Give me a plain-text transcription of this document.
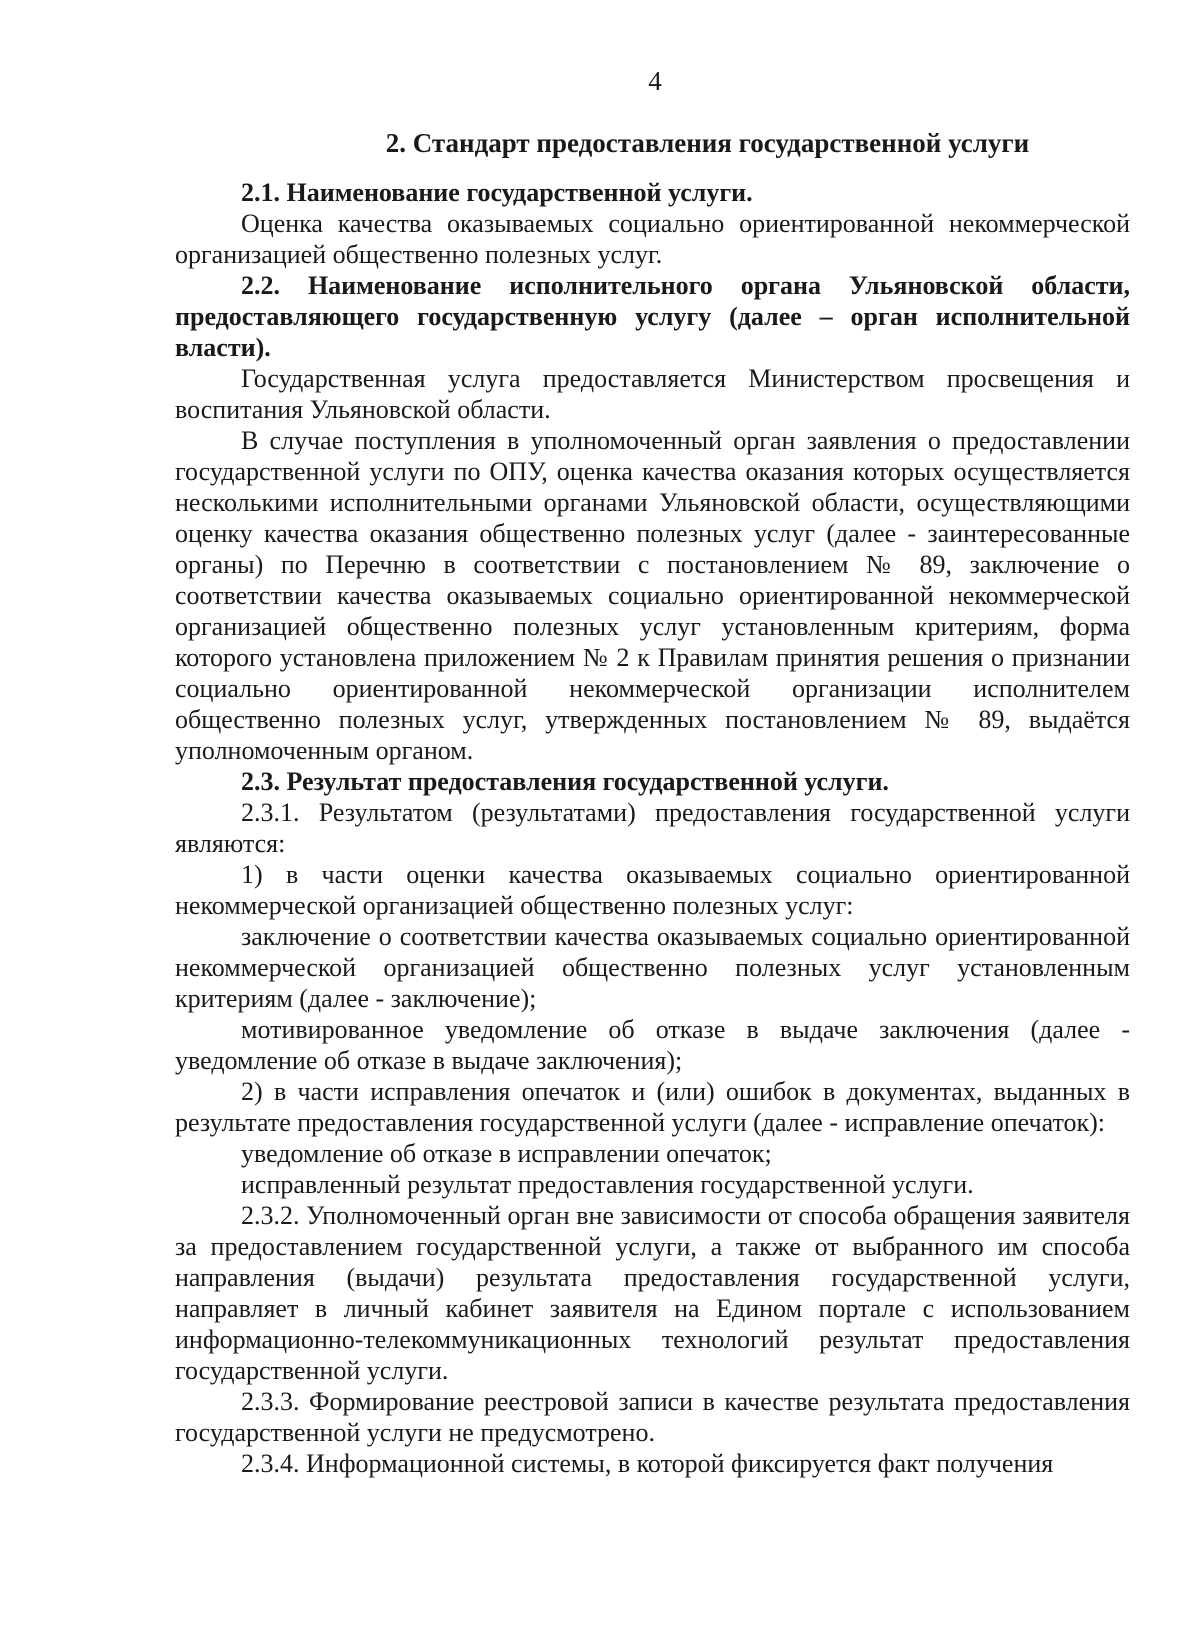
4
2. Стандарт предоставления государственной услуги

2.1. Наименование государственной услуги.

Оценка качества оказываемых социально ориентированной некоммерческой организацией общественно полезных услуг.

2.2. Наименование исполнительного органа Ульяновской области, предоставляющего государственную услугу (далее – орган исполнительной власти).

Государственная услуга предоставляется Министерством просвещения и воспитания Ульяновской области.

В случае поступления в уполномоченный орган заявления о предоставлении государственной услуги по ОПУ, оценка качества оказания которых осуществляется несколькими исполнительными органами Ульяновской области, осуществляющими оценку качества оказания общественно полезных услуг (далее - заинтересованные органы) по Перечню в соответствии с постановлением № 89, заключение о соответствии качества оказываемых социально ориентированной некоммерческой организацией общественно полезных услуг установленным критериям, форма которого установлена приложением № 2 к Правилам принятия решения о признании социально ориентированной некоммерческой организации исполнителем общественно полезных услуг, утвержденных постановлением № 89, выдаётся уполномоченным органом.

2.3. Результат предоставления государственной услуги.

2.3.1. Результатом (результатами) предоставления государственной услуги являются:

1) в части оценки качества оказываемых социально ориентированной некоммерческой организацией общественно полезных услуг:

заключение о соответствии качества оказываемых социально ориентированной некоммерческой организацией общественно полезных услуг установленным критериям (далее - заключение);

мотивированное уведомление об отказе в выдаче заключения (далее - уведомление об отказе в выдаче заключения);

2) в части исправления опечаток и (или) ошибок в документах, выданных в результате предоставления государственной услуги (далее - исправление опечаток):

уведомление об отказе в исправлении опечаток;

исправленный результат предоставления государственной услуги.

2.3.2. Уполномоченный орган вне зависимости от способа обращения заявителя за предоставлением государственной услуги, а также от выбранного им способа направления (выдачи) результата предоставления государственной услуги, направляет в личный кабинет заявителя на Едином портале с использованием информационно-телекоммуникационных технологий результат предоставления государственной услуги.

2.3.3. Формирование реестровой записи в качестве результата предоставления государственной услуги не предусмотрено.

2.3.4. Информационной системы, в которой фиксируется факт получения
